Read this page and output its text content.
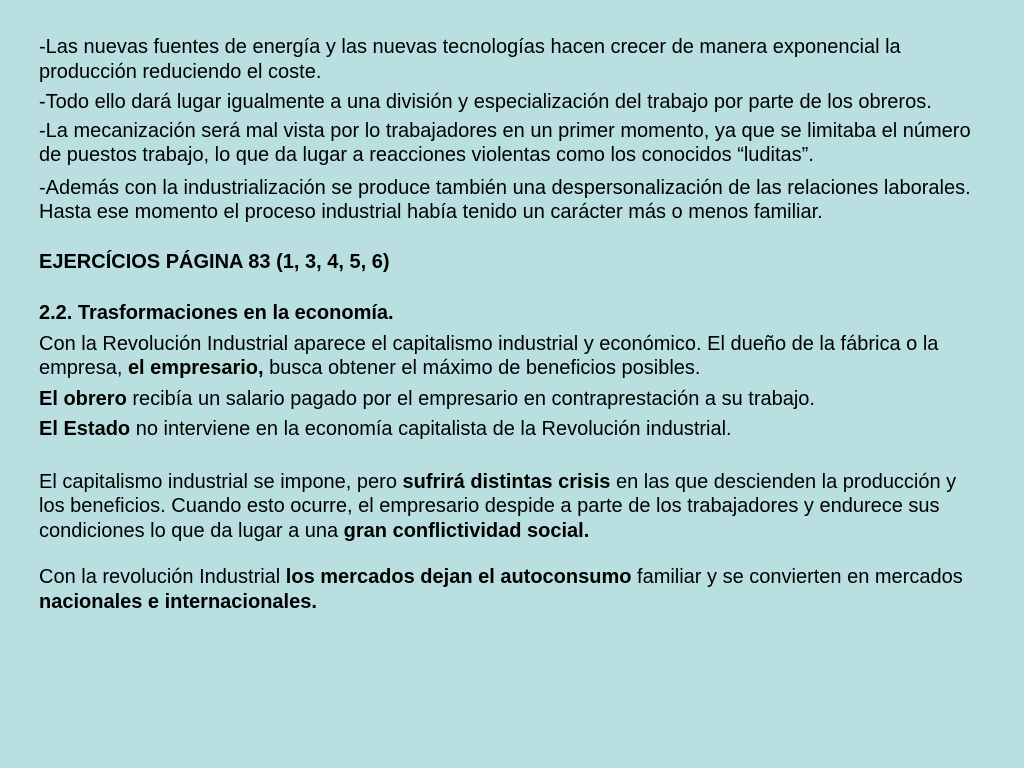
-Las nuevas fuentes de energía y las nuevas tecnologías hacen crecer de manera exponencial la producción reduciendo el coste.

-Todo ello dará lugar igualmente a una división y especialización del trabajo por parte de los obreros.

-La mecanización será mal vista por lo trabajadores en un primer momento, ya que se limitaba el número de puestos trabajo, lo que da lugar a reacciones violentas como los conocidos “luditas”.

-Además con la industrialización se produce también una despersonalización de las relaciones laborales. Hasta ese momento el proceso industrial había tenido un carácter más o menos familiar.

EJERCÍCIOS PÁGINA 83 (1, 3, 4, 5, 6)

2.2. Trasformaciones en la economía.

Con la Revolución Industrial aparece el capitalismo industrial y económico. El dueño de la fábrica o la empresa, el empresario, busca obtener el máximo de beneficios posibles.

El obrero recibía un salario pagado por el empresario en contraprestación a su trabajo.

El Estado no interviene en la economía capitalista de la Revolución industrial.

El capitalismo industrial se impone, pero sufrirá distintas crisis en las que descienden la producción y los beneficios. Cuando esto ocurre, el empresario despide a parte de los trabajadores y endurece sus condiciones lo que da lugar a una gran conflictividad social.

Con la revolución Industrial los mercados dejan el autoconsumo familiar y se convierten en mercados nacionales e internacionales.
